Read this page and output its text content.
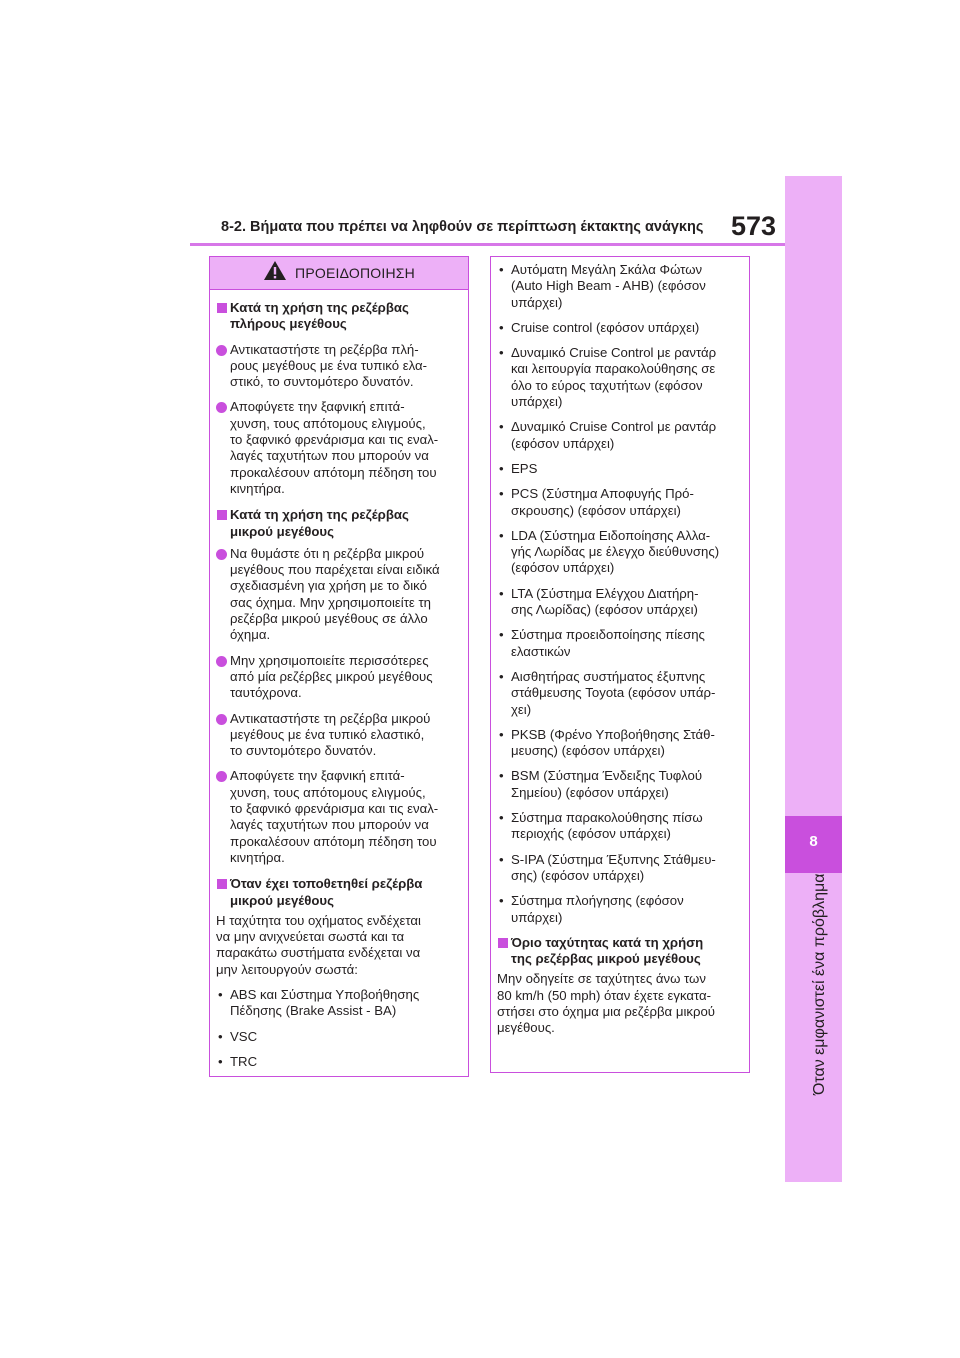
8-2. Βήματα που πρέπει να ληφθούν σε περίπτωση έκτακτης ανάγκης 573
8
Όταν εμφανιστεί ένα πρόβλημα
ΠΡΟΕΙΔΟΠΟΙΗΣΗ
Κατά τη χρήση της ρεζέρβας
πλήρους μεγέθους
Αντικαταστήστε τη ρεζέρβα πλή-
ρους μεγέθους με ένα τυπικό ελα-
στικό, το συντομότερο δυνατόν.
Αποφύγετε την ξαφνική επιτά-
χυνση, τους απότομους ελιγμούς,
το ξαφνικό φρενάρισμα και τις εναλ-
λαγές ταχυτήτων που μπορούν να
προκαλέσουν απότομη πέδηση του
κινητήρα.
Κατά τη χρήση της ρεζέρβας
μικρού μεγέθους
Να θυμάστε ότι η ρεζέρβα μικρού
μεγέθους που παρέχεται είναι ειδικά
σχεδιασμένη για χρήση με το δικό
σας όχημα. Μην χρησιμοποιείτε τη
ρεζέρβα μικρού μεγέθους σε άλλο
όχημα.
Μην χρησιμοποιείτε περισσότερες
από μία ρεζέρβες μικρού μεγέθους
ταυτόχρονα.
Αντικαταστήστε τη ρεζέρβα μικρού
μεγέθους με ένα τυπικό ελαστικό,
το συντομότερο δυνατόν.
Αποφύγετε την ξαφνική επιτά-
χυνση, τους απότομους ελιγμούς,
το ξαφνικό φρενάρισμα και τις εναλ-
λαγές ταχυτήτων που μπορούν να
προκαλέσουν απότομη πέδηση του
κινητήρα.
Όταν έχει τοποθετηθεί ρεζέρβα
μικρού μεγέθους
Η ταχύτητα του οχήματος ενδέχεται
να μην ανιχνεύεται σωστά και τα
παρακάτω συστήματα ενδέχεται να
μην λειτουργούν σωστά:
• ABS και Σύστημα Υποβοήθησης
Πέδησης (Brake Assist - BA)
• VSC
• TRC
• Αυτόματη Μεγάλη Σκάλα Φώτων
(Auto High Beam - AHB) (εφόσον
υπάρχει)
• Cruise control (εφόσον υπάρχει)
• Δυναμικό Cruise Control με ραντάρ
και λειτουργία παρακολούθησης σε
όλο το εύρος ταχυτήτων (εφόσον
υπάρχει)
• Δυναμικό Cruise Control με ραντάρ
(εφόσον υπάρχει)
• EPS
• PCS (Σύστημα Αποφυγής Πρό-
σκρουσης) (εφόσον υπάρχει)
• LDA (Σύστημα Ειδοποίησης Αλλα-
γής Λωρίδας με έλεγχο διεύθυνσης)
(εφόσον υπάρχει)
• LTA (Σύστημα Ελέγχου Διατήρη-
σης Λωρίδας) (εφόσον υπάρχει)
• Σύστημα προειδοποίησης πίεσης
ελαστικών
• Αισθητήρας συστήματος έξυπνης
στάθμευσης Toyota (εφόσον υπάρ-
χει)
• PKSB (Φρένο Υποβοήθησης Στάθ-
μευσης) (εφόσον υπάρχει)
• BSM (Σύστημα Ένδειξης Τυφλού
Σημείου) (εφόσον υπάρχει)
• Σύστημα παρακολούθησης πίσω
περιοχής (εφόσον υπάρχει)
• S-IPA (Σύστημα Έξυπνης Στάθμευ-
σης) (εφόσον υπάρχει)
• Σύστημα πλοήγησης (εφόσον
υπάρχει)
Όριο ταχύτητας κατά τη χρήση
της ρεζέρβας μικρού μεγέθους
Μην οδηγείτε σε ταχύτητες άνω των
80 km/h (50 mph) όταν έχετε εγκατα-
στήσει στο όχημα μια ρεζέρβα μικρού
μεγέθους.
